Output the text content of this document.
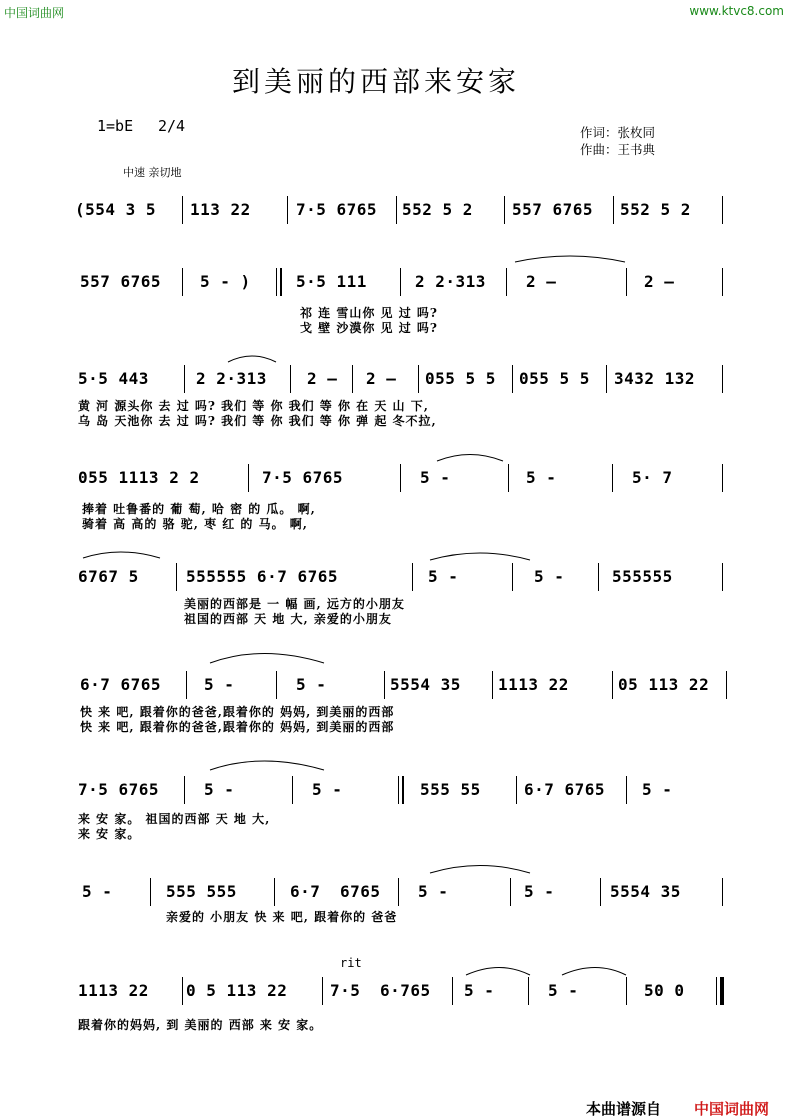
中国词曲网	www.ktvc8.com
到美丽的西部来安家
1=bE 2/4	作词：张枚同
作曲：王书典
中速 亲切地
(554 3 5 113 22	7·5 6765 552 5 2 557 6765 552 5 2
557 6765 5 - )	5·5 111	2 2·313	2 —	2 —
祁 连 雪山你 见 过 吗?
戈 壁 沙漠你 见 过 吗?
5·5 443	2 2·313	2 — 2 — 055 5 5 055 5 5 3432 132
黄 河 源头你 去 过 吗? 我们 等 你 我们 等 你 在 天 山 下,
乌 岛 天池你 去 过 吗? 我们 等 你 我们 等 你 弹 起 冬不拉,
055 1113 2 2	7·5 6765	5 -	5 -	5· 7
捧着 吐鲁番的 葡 萄, 哈 密 的 瓜。 啊,
骑着 高 高的 骆 驼, 枣 红 的 马。 啊,
6767 5	555555 6·7 6765	5 -	5 -	555555
美丽的西部是 一 幅 画, 远方的小朋友
祖国的西部 天 地 大, 亲爱的小朋友
6·7 6765	5 -	5 -	5554 35 1113 22	05 113 22
快 来 吧, 跟着你的爸爸,跟着你的 妈妈, 到美丽的西部
快 来 吧, 跟着你的爸爸,跟着你的 妈妈, 到美丽的西部
7·5 6765	5 -	5 -	555 55	6·7 6765 5 -
来 安 家。 祖国的西部 天 地 大,
来 安 家。
5 -	555 555	6·7 6765 5 -	5 -	5554 35
亲爱的 小朋友 快 来 吧, 跟着你的 爸爸
rit
1113 22 0 5 113 22	7·5 6·765 5 -	5 -	50 0
跟着你的妈妈, 到 美丽的 西部 来 安 家。
本曲谱源自 中国词曲网
